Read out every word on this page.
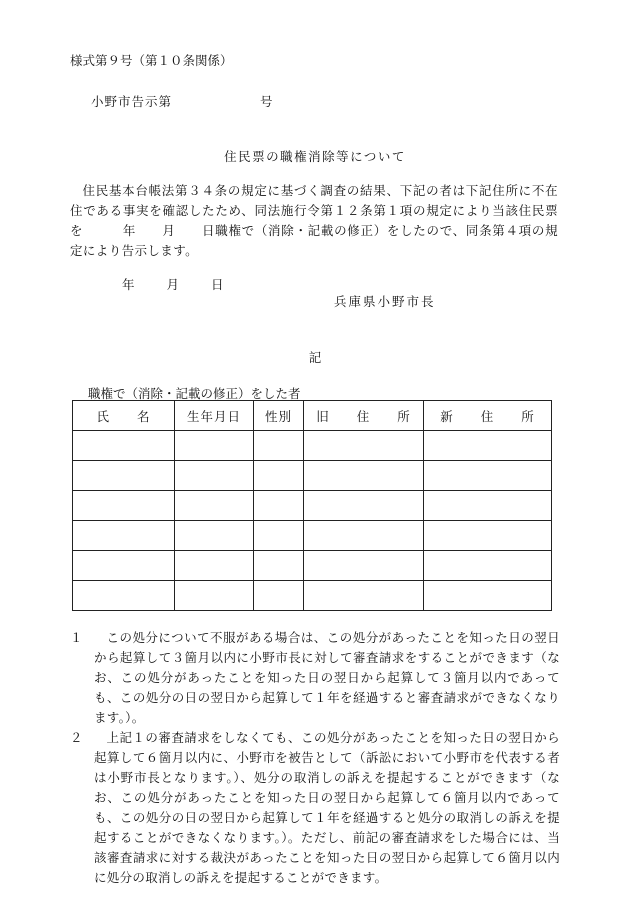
様式第９号（第１０条関係）
小野市告示第	号
住民票の職権消除等について
住民基本台帳法第３４条の規定に基づく調査の結果、下記の者は下記住所に不在住である事実を確認したため、同法施行令第１２条第１項の規定により当該住民票を　　　年　　月　　日職権で（消除・記載の修正）をしたので、同条第４項の規定により告示します。
年	月	日
兵庫県小野市長
記
職権で（消除・記載の修正）をした者
氏　　名	生年月日	性別	旧　　住　　所	新　　住　　所

１	この処分について不服がある場合は、この処分があったことを知った日の翌日から起算して３箇月以内に小野市長に対して審査請求をすることができます（なお、この処分があったことを知った日の翌日から起算して３箇月以内であっても、この処分の日の翌日から起算して１年を経過すると審査請求ができなくなります。）。
２	上記１の審査請求をしなくても、この処分があったことを知った日の翌日から起算して６箇月以内に、小野市を被告として（訴訟において小野市を代表する者は小野市長となります。）、処分の取消しの訴えを提起することができます（なお、この処分があったことを知った日の翌日から起算して６箇月以内であっても、この処分の日の翌日から起算して１年を経過すると処分の取消しの訴えを提起することができなくなります。）。ただし、前記の審査請求をした場合には、当該審査請求に対する裁決があったことを知った日の翌日から起算して６箇月以内に処分の取消しの訴えを提起することができます。
